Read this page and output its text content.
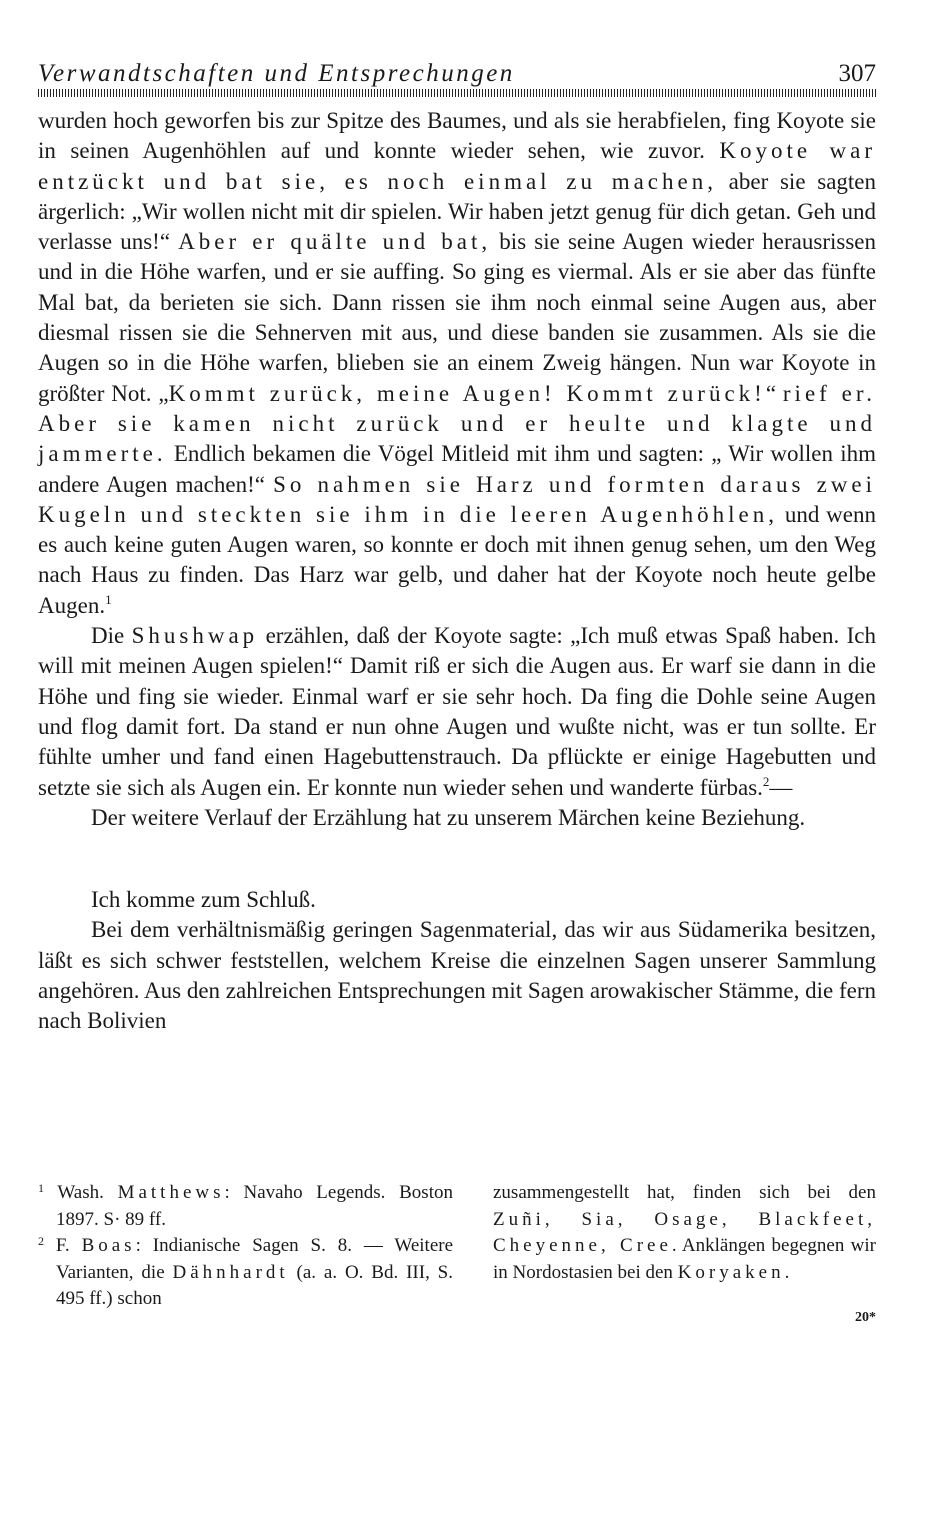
Verwandtschaften und Entsprechungen	307

wurden hoch geworfen bis zur Spitze des Baumes, und als sie herabfielen, fing Koyote sie in seinen Augenhöhlen auf und konnte wieder sehen, wie zuvor. Koyote war entzückt und bat sie, es noch einmal zu machen, aber sie sagten ärgerlich: „Wir wollen nicht mit dir spielen. Wir haben jetzt genug für dich getan. Geh und verlasse uns!“ Aber er quälte und bat, bis sie seine Augen wieder herausrissen und in die Höhe warfen, und er sie auffing. So ging es viermal. Als er sie aber das fünfte Mal bat, da berieten sie sich. Dann rissen sie ihm noch einmal seine Augen aus, aber diesmal rissen sie die Sehnerven mit aus, und diese banden sie zusammen. Als sie die Augen so in die Höhe warfen, blieben sie an einem Zweig hängen. Nun war Koyote in größter Not. „Kommt zurück, meine Augen! Kommt zurück!“ rief er. Aber sie kamen nicht zurück und er heulte und klagte und jammerte. Endlich bekamen die Vögel Mitleid mit ihm und sagten: „ Wir wollen ihm andere Augen machen!“ So nahmen sie Harz und formten daraus zwei Kugeln und steckten sie ihm in die leeren Augenhöhlen, und wenn es auch keine guten Augen waren, so konnte er doch mit ihnen genug sehen, um den Weg nach Haus zu finden. Das Harz war gelb, und daher hat der Koyote noch heute gelbe Augen.$^1$

Die Shushwap erzählen, daß der Koyote sagte: „Ich muß etwas Spaß haben. Ich will mit meinen Augen spielen!“ Damit riß er sich die Augen aus. Er warf sie dann in die Höhe und fing sie wieder. Einmal warf er sie sehr hoch. Da fing die Dohle seine Augen und flog damit fort. Da stand er nun ohne Augen und wußte nicht, was er tun sollte. Er fühlte umher und fand einen Hagebuttenstrauch. Da pflückte er einige Hagebutten und setzte sie sich als Augen ein. Er konnte nun wieder sehen und wanderte fürbas.$^2$—

Der weitere Verlauf der Erzählung hat zu unserem Märchen keine Beziehung.

Ich komme zum Schluß.

Bei dem verhältnismäßig geringen Sagenmaterial, das wir aus Südamerika besitzen, läßt es sich schwer feststellen, welchem Kreise die einzelnen Sagen unserer Sammlung angehören. Aus den zahlreichen Entsprechungen mit Sagen arowakischer Stämme, die fern nach Bolivien

$^1$ Wash. Matthews: Navaho Legends. Boston 1897. S· 89 ff.

$^2$ F. Boas: Indianische Sagen S. 8. — Weitere Varianten, die Dähnhardt (a. a. O. Bd. III, S. 495 ff.) schon

zusammengestellt hat, finden sich bei den Zuñi, Sia, Osage, Blackfeet, Cheyenne, Cree. Anklängen begegnen wir in Nordostasien bei den Koryaken.

20*
